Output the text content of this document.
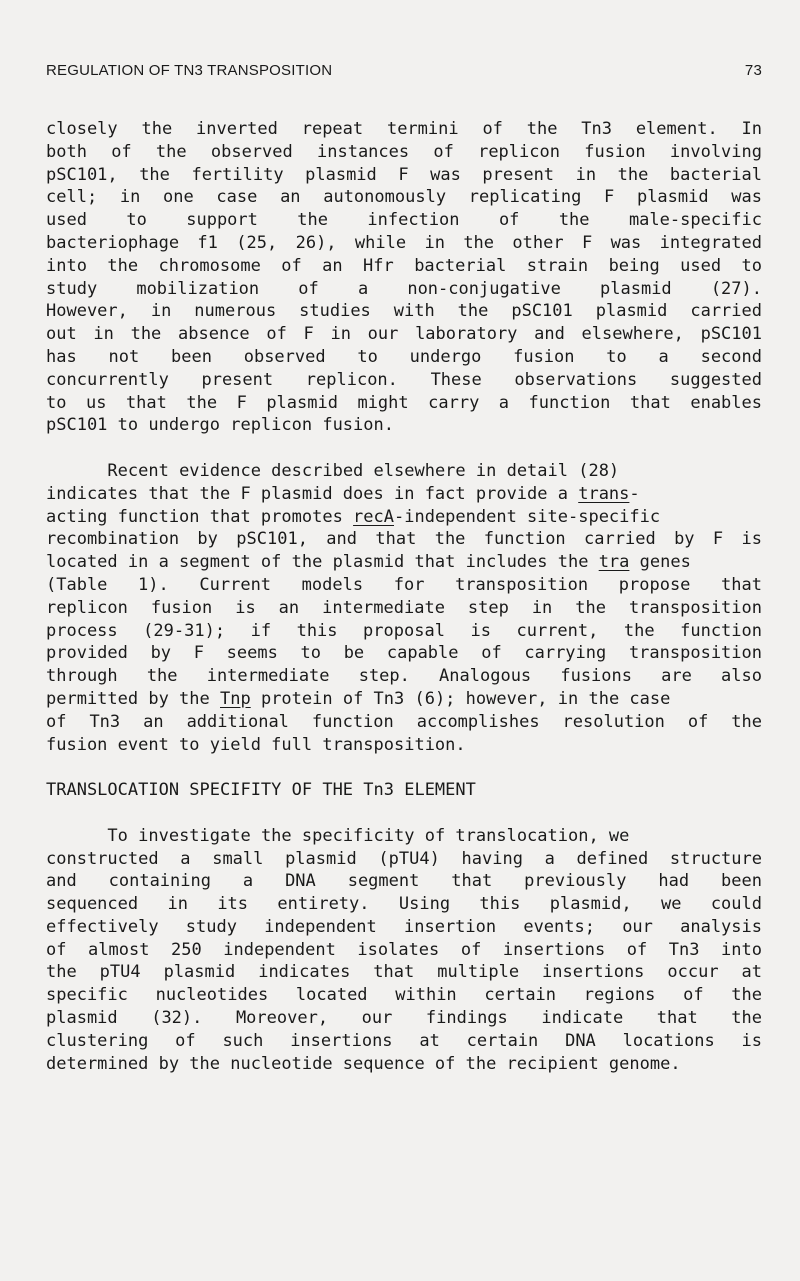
REGULATION OF TN3 TRANSPOSITION	73
closely the inverted repeat termini of the Tn3 element. In
both of the observed instances of replicon fusion involving
pSC101, the fertility plasmid F was present in the bacterial
cell; in one case an autonomously replicating F plasmid was
used to support the infection of the male-specific
bacteriophage f1 (25, 26), while in the other F was integrated
into the chromosome of an Hfr bacterial strain being used to
study mobilization of a non-conjugative plasmid (27).
However, in numerous studies with the pSC101 plasmid carried
out in the absence of F in our laboratory and elsewhere, pSC101
has not been observed to undergo fusion to a second
concurrently present replicon. These observations suggested
to us that the F plasmid might carry a function that enables
pSC101 to undergo replicon fusion.
Recent evidence described elsewhere in detail (28)
indicates that the F plasmid does in fact provide a trans-
acting function that promotes recA-independent site-specific
recombination by pSC101, and that the function carried by F is
located in a segment of the plasmid that includes the tra genes
(Table 1). Current models for transposition propose that
replicon fusion is an intermediate step in the transposition
process (29-31); if this proposal is current, the function
provided by F seems to be capable of carrying transposition
through the intermediate step. Analogous fusions are also
permitted by the Tnp protein of Tn3 (6); however, in the case
of Tn3 an additional function accomplishes resolution of the
fusion event to yield full transposition.
TRANSLOCATION SPECIFITY OF THE Tn3 ELEMENT
To investigate the specificity of translocation, we
constructed a small plasmid (pTU4) having a defined structure
and containing a DNA segment that previously had been
sequenced in its entirety. Using this plasmid, we could
effectively study independent insertion events; our analysis
of almost 250 independent isolates of insertions of Tn3 into
the pTU4 plasmid indicates that multiple insertions occur at
specific nucleotides located within certain regions of the
plasmid (32). Moreover, our findings indicate that the
clustering of such insertions at certain DNA locations is
determined by the nucleotide sequence of the recipient genome.
